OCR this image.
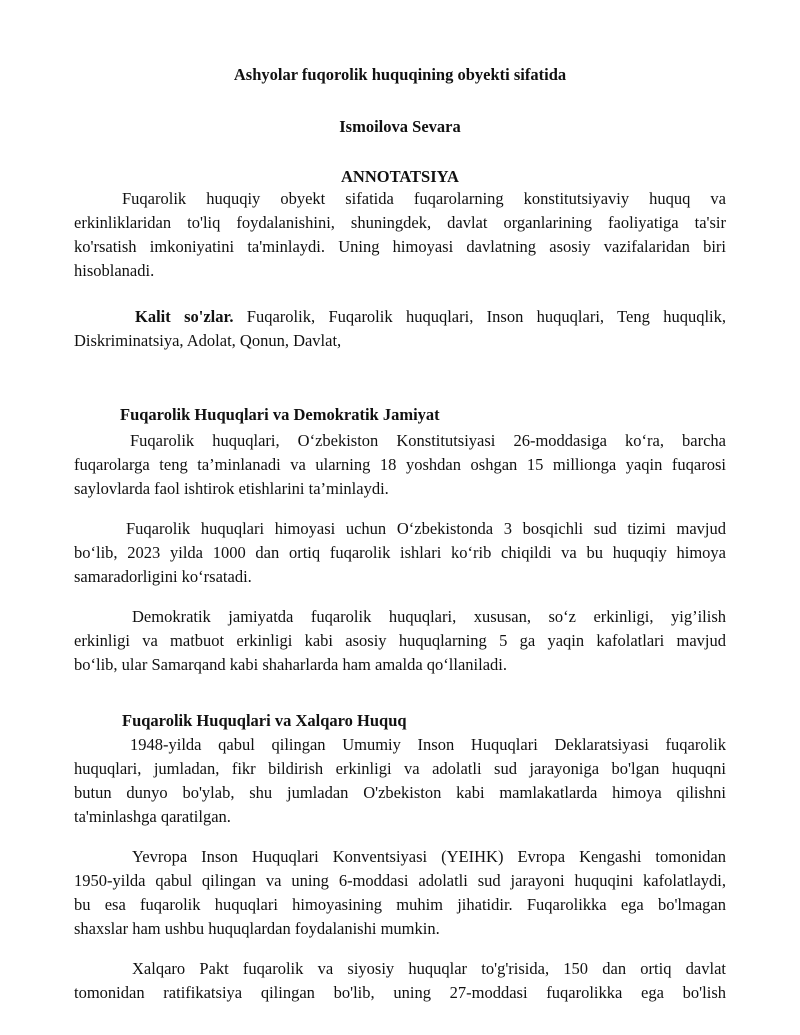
Ashyolar fuqorolik huquqining obyekti sifatida
Ismoilova Sevara
ANNOTATSIYA
Fuqarolik huquqiy obyekt sifatida fuqarolarning konstitutsiyaviy huquq va
erkinliklaridan to'liq foydalanishini, shuningdek, davlat organlarining faoliyatiga ta'sir
ko'rsatish imkoniyatini ta'minlaydi. Uning himoyasi davlatning asosiy vazifalaridan biri
hisoblanadi.
Kalit so'zlar. Fuqarolik, Fuqarolik huquqlari, Inson huquqlari, Teng huquqlik,
Diskriminatsiya, Adolat, Qonun, Davlat,
Fuqarolik Huquqlari va Demokratik Jamiyat
Fuqarolik huquqlari, O‘zbekiston Konstitutsiyasi 26-moddasiga ko‘ra, barcha
fuqarolarga teng ta’minlanadi va ularning 18 yoshdan oshgan 15 millionga yaqin fuqarosi
saylovlarda faol ishtirok etishlarini ta’minlaydi.
Fuqarolik huquqlari himoyasi uchun O‘zbekistonda 3 bosqichli sud tizimi mavjud
bo‘lib, 2023 yilda 1000 dan ortiq fuqarolik ishlari ko‘rib chiqildi va bu huquqiy himoya
samaradorligini ko‘rsatadi.
Demokratik jamiyatda fuqarolik huquqlari, xususan, so‘z erkinligi, yig’ilish
erkinligi va matbuot erkinligi kabi asosiy huquqlarning 5 ga yaqin kafolatlari mavjud
bo‘lib, ular Samarqand kabi shaharlarda ham amalda qo‘llaniladi.
Fuqarolik Huquqlari va Xalqaro Huquq
1948-yilda qabul qilingan Umumiy Inson Huquqlari Deklaratsiyasi fuqarolik
huquqlari, jumladan, fikr bildirish erkinligi va adolatli sud jarayoniga bo'lgan huquqni
butun dunyo bo'ylab, shu jumladan O'zbekiston kabi mamlakatlarda himoya qilishni
ta'minlashga qaratilgan.
Yevropa Inson Huquqlari Konventsiyasi (YEIHK) Evropa Kengashi tomonidan
1950-yilda qabul qilingan va uning 6-moddasi adolatli sud jarayoni huquqini kafolatlaydi,
bu esa fuqarolik huquqlari himoyasining muhim jihatidir. Fuqarolikka ega bo'lmagan
shaxslar ham ushbu huquqlardan foydalanishi mumkin.
Xalqaro Pakt fuqarolik va siyosiy huquqlar to'g'risida, 150 dan ortiq davlat
tomonidan ratifikatsiya qilingan bo'lib, uning 27-moddasi fuqarolikka ega bo'lish
